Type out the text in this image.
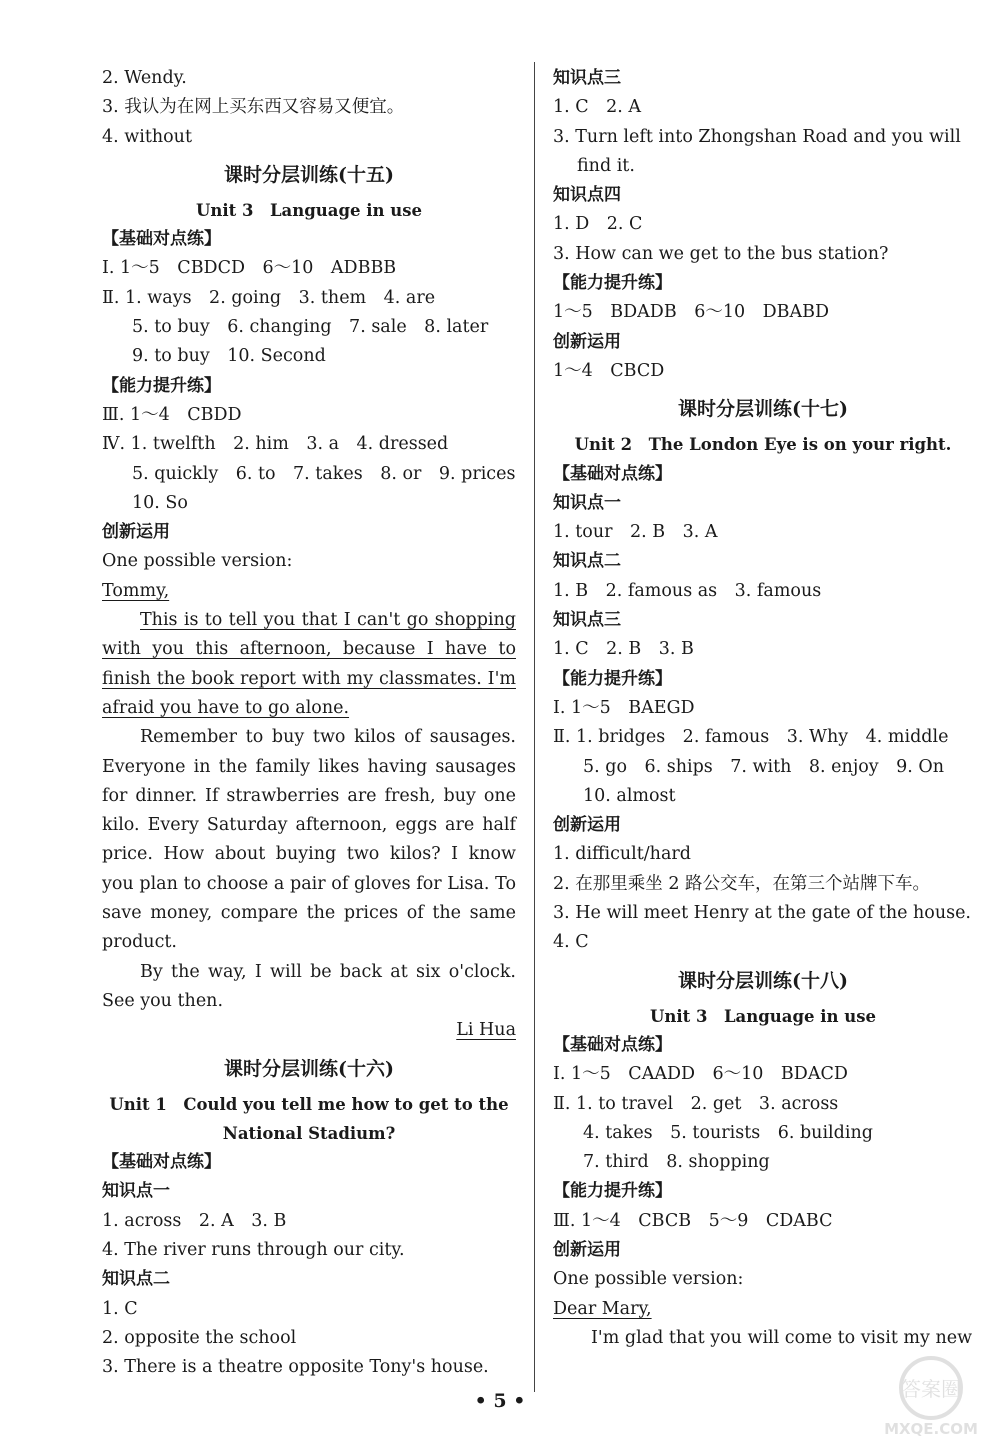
2. Wendy.
3. 我认为在网上买东西又容易又便宜。
4. without
课时分层训练(十五)
Unit 3　Language in use
【基础对点练】
Ⅰ. 1～5　CBDCD　6～10　ADBBB
Ⅱ. 1. ways　2. going　3. them　4. are
5. to buy　6. changing　7. sale　8. later
9. to buy　10. Second
【能力提升练】
Ⅲ. 1～4　CBDD
Ⅳ. 1. twelfth　2. him　3. a　4. dressed
5. quickly　6. to　7. takes　8. or　9. prices
10. So
创新运用
One possible version:
Tommy,
This is to tell you that I can't go shopping with you this afternoon, because I have to finish the book report with my classmates. I'm afraid you have to go alone.
Remember to buy two kilos of sausages. Everyone in the family likes having sausages for dinner. If strawberries are fresh, buy one kilo. Every Saturday afternoon, eggs are half price. How about buying two kilos? I know you plan to choose a pair of gloves for Lisa. To save money, compare the prices of the same product.
By the way, I will be back at six o'clock. See you then.
Li Hua
课时分层训练(十六)
Unit 1　Could you tell me how to get to the
National Stadium?
【基础对点练】
知识点一
1. across　2. A　3. B
4. The river runs through our city.
知识点二
1. C
2. opposite the school
3. There is a theatre opposite Tony's house.
知识点三
1. C　2. A
3. Turn left into Zhongshan Road and you will
find it.
知识点四
1. D　2. C
3. How can we get to the bus station?
【能力提升练】
1～5　BDADB　6～10　DBABD
创新运用
1～4　CBCD
课时分层训练(十七)
Unit 2　The London Eye is on your right.
【基础对点练】
知识点一
1. tour　2. B　3. A
知识点二
1. B　2. famous as　3. famous
知识点三
1. C　2. B　3. B
【能力提升练】
Ⅰ. 1～5　BAEGD
Ⅱ. 1. bridges　2. famous　3. Why　4. middle
5. go　6. ships　7. with　8. enjoy　9. On
10. almost
创新运用
1. difficult/hard
2. 在那里乘坐 2 路公交车，在第三个站牌下车。
3. He will meet Henry at the gate of the house.
4. C
课时分层训练(十八)
Unit 3　Language in use
【基础对点练】
Ⅰ. 1～5　CAADD　6～10　BDACD
Ⅱ. 1. to travel　2. get　3. across
4. takes　5. tourists　6. building
7. third　8. shopping
【能力提升练】
Ⅲ. 1～4　CBCB　5～9　CDABC
创新运用
One possible version:
Dear Mary,
I'm glad that you will come to visit my new
• 5 •	答案圈
MXQE.COM
